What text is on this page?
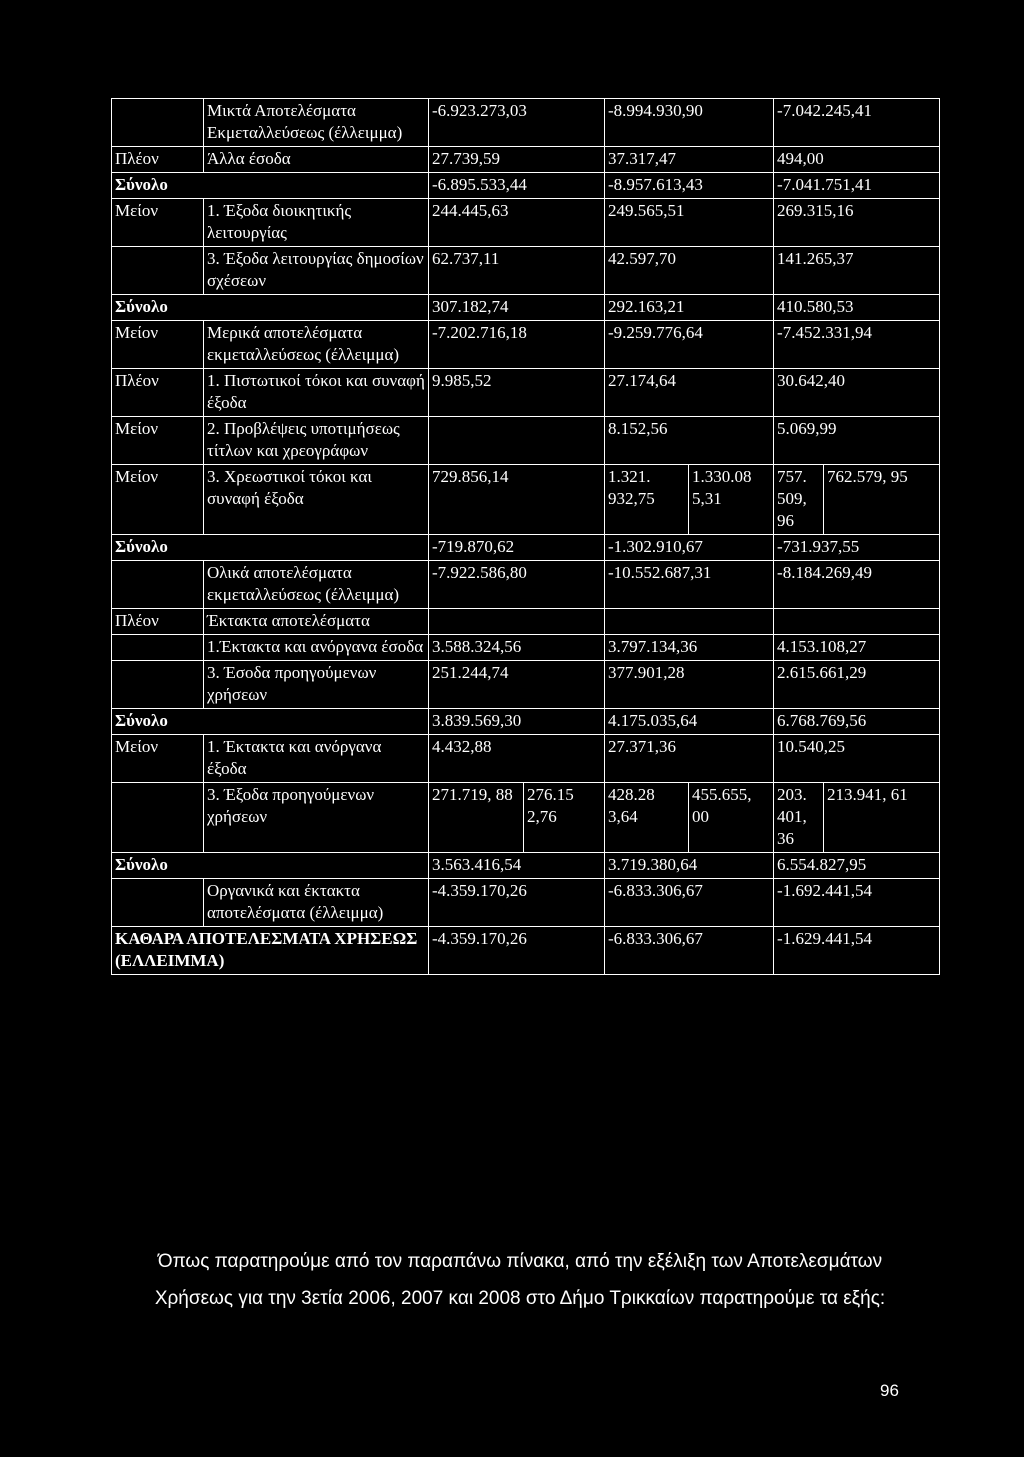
	Μικτά Αποτελέσματα Εκμεταλλεύσεως (έλλειμμα)	-6.923.273,03		-8.994.930,90		-7.042.245,41	
Πλέον	Άλλα έσοδα	27.739,59		37.317,47		494,00	
Σύνολο		-6.895.533,44		-8.957.613,43		-7.041.751,41	
Μείον	1. Έξοδα διοικητικής λειτουργίας	244.445,63		249.565,51		269.315,16	
	3. Έξοδα λειτουργίας δημοσίων σχέσεων	62.737,11		42.597,70		141.265,37	
Σύνολο		307.182,74		292.163,21		410.580,53	
Μείον	Μερικά αποτελέσματα εκμεταλλεύσεως (έλλειμμα)	-7.202.716,18		-9.259.776,64		-7.452.331,94	
Πλέον	1. Πιστωτικοί τόκοι και συναφή έξοδα	9.985,52		27.174,64		30.642,40	
Μείον	2. Προβλέψεις υποτιμήσεως τίτλων και χρεογράφων			8.152,56		5.069,99	
Μείον	3. Χρεωστικοί τόκοι και συναφή έξοδα	729.856,14		1.321. 932,75	1.330.08 5,31	757. 509, 96	762.579, 95
Σύνολο		-719.870,62		-1.302.910,67		-731.937,55	
	Ολικά αποτελέσματα εκμεταλλεύσεως (έλλειμμα)	-7.922.586,80		-10.552.687,31		-8.184.269,49	
Πλέον	Έκτακτα αποτελέσματα						
	1.Έκτακτα και ανόργανα έσοδα	3.588.324,56		3.797.134,36		4.153.108,27	
	3. Έσοδα προηγούμενων χρήσεων	251.244,74		377.901,28		2.615.661,29	
Σύνολο		3.839.569,30		4.175.035,64		6.768.769,56	
Μείον	1. Έκτακτα και ανόργανα έξοδα	4.432,88		27.371,36		10.540,25	
	3. Έξοδα προηγούμενων χρήσεων	271.719, 88	276.15 2,76	428.28 3,64	455.655, 00	203. 401, 36	213.941, 61
Σύνολο		3.563.416,54		3.719.380,64		6.554.827,95	
	Οργανικά και έκτακτα αποτελέσματα (έλλειμμα)	-4.359.170,26		-6.833.306,67		-1.692.441,54	
ΚΑΘΑΡΑ ΑΠΟΤΕΛΕΣΜΑΤΑ ΧΡΗΣΕΩΣ (ΕΛΛΕΙΜΜΑ)		-4.359.170,26		-6.833.306,67		-1.629.441,54	
Όπως παρατηρούμε από τον παραπάνω πίνακα, από την εξέλιξη των Αποτελεσμάτων
Χρήσεως για την 3ετία 2006, 2007 και 2008 στο Δήμο Τρικκαίων παρατηρούμε τα εξής:
96
